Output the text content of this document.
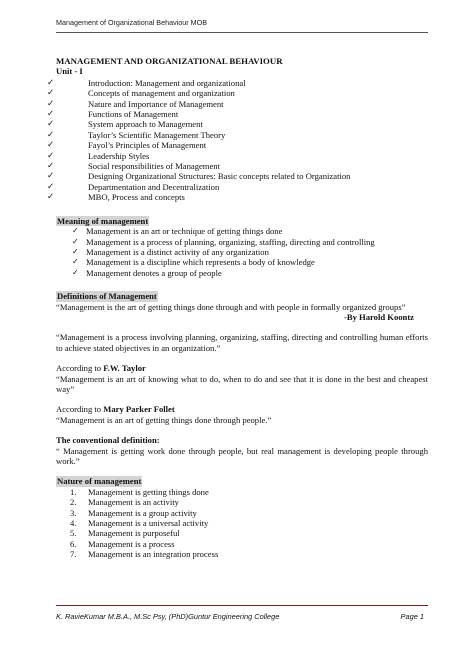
Management of Organizational Behaviour MOB

MANAGEMENT AND ORGANIZATIONAL BEHAVIOUR

Unit - I

✓	Introduction: Management and organizational
✓	Concepts of management and organization
✓	Nature and Importance of Management
✓	Functions of Management
✓	System approach to Management
✓	Taylor’s Scientific Management Theory
✓	Fayol’s Principles of Management
✓	Leadership Styles
✓	Social responsibilities of Management
✓	Designing Organizational Structures: Basic concepts related to Organization
✓	Departmentation and Decentralization
✓	MBO, Process and concepts

Meaning of management

✓ Management is an art or technique of getting things done
✓ Management is a process of planning, organizing, staffing, directing and controlling
✓ Management is a distinct activity of any organization
✓ Management is a discipline which represents a body of knowledge
✓ Management denotes a group of people

Definitions of Management

“Management is the art of getting things done through and with people in formally organized groups”

-By Harold Koontz

“Management is a process involving planning, organizing, staffing, directing and controlling human efforts to achieve stated objectives in an organization.”

According to F.W. Taylor

“Management is an art of knowing what to do, when to do and see that it is done in the best and cheapest way”

According to Mary Parker Follet

“Management is an art of getting things done through people.”

The conventional definition:

“ Management is getting work done through people, but real management is developing people through work.”

Nature of management

1. Management is getting things done
2. Management is an activity
3. Management is a group activity
4. Management is a universal activity
5. Management is purposeful
6. Management is a process
7. Management is an integration process
K. RavieKumar M.B.A., M.Sc Psy, (PhD)Guntur Engineering College	Page 1
